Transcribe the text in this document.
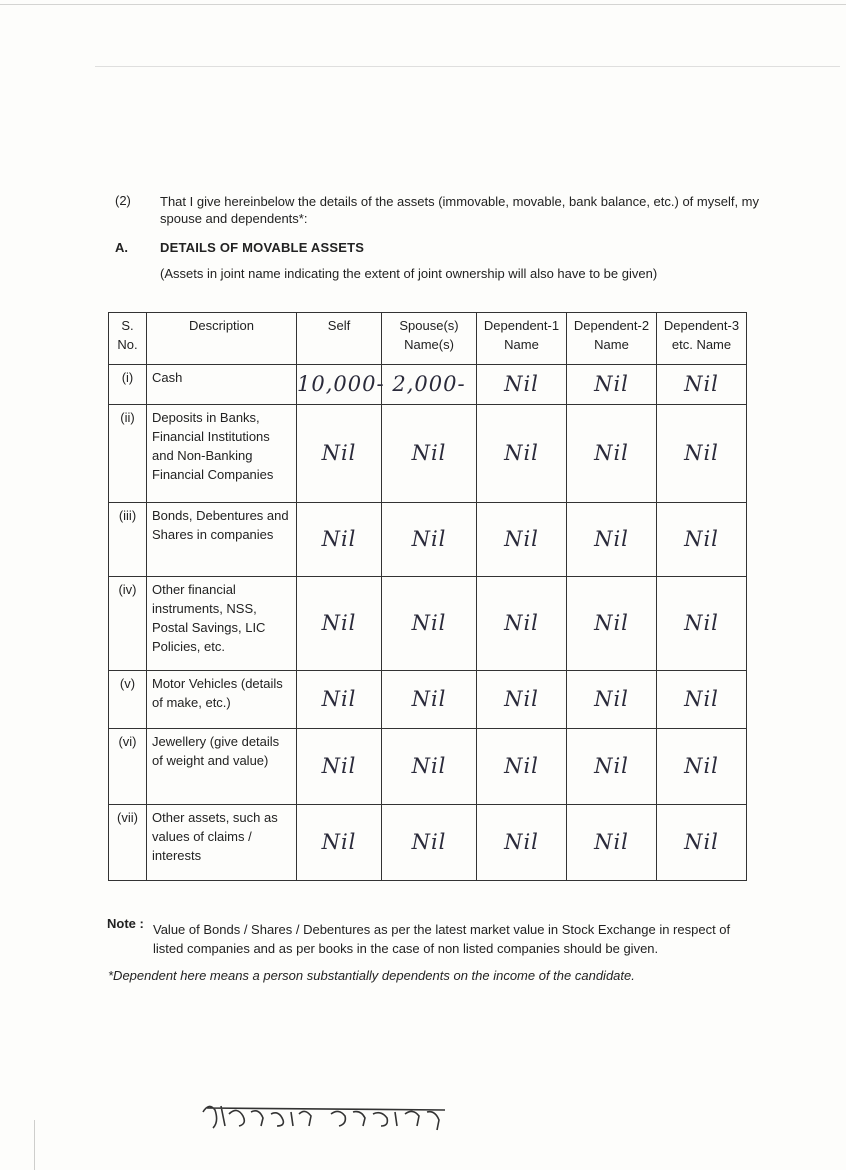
(2) That I give hereinbelow the details of the assets (immovable, movable, bank balance, etc.) of myself, my spouse and dependents*:
A. DETAILS OF MOVABLE ASSETS
(Assets in joint name indicating the extent of joint ownership will also have to be given)
S. No.	Description	Self	Spouse(s) Name(s)	Dependent-1 Name	Dependent-2 Name	Dependent-3 etc. Name
(i)	Cash	10,000-	2,000-	Nil	Nil	Nil
(ii)	Deposits in Banks, Financial Institutions and Non-Banking Financial Companies	Nil	Nil	Nil	Nil	Nil
(iii)	Bonds, Debentures and Shares in companies	Nil	Nil	Nil	Nil	Nil
(iv)	Other financial instruments, NSS, Postal Savings, LIC Policies, etc.	Nil	Nil	Nil	Nil	Nil
(v)	Motor Vehicles (details of make, etc.)	Nil	Nil	Nil	Nil	Nil
(vi)	Jewellery (give details of weight and value)	Nil	Nil	Nil	Nil	Nil
(vii)	Other assets, such as values of claims / interests	Nil	Nil	Nil	Nil	Nil
Note : Value of Bonds / Shares / Debentures as per the latest market value in Stock Exchange in respect of listed companies and as per books in the case of non listed companies should be given.
*Dependent here means a person substantially dependents on the income of the candidate.
